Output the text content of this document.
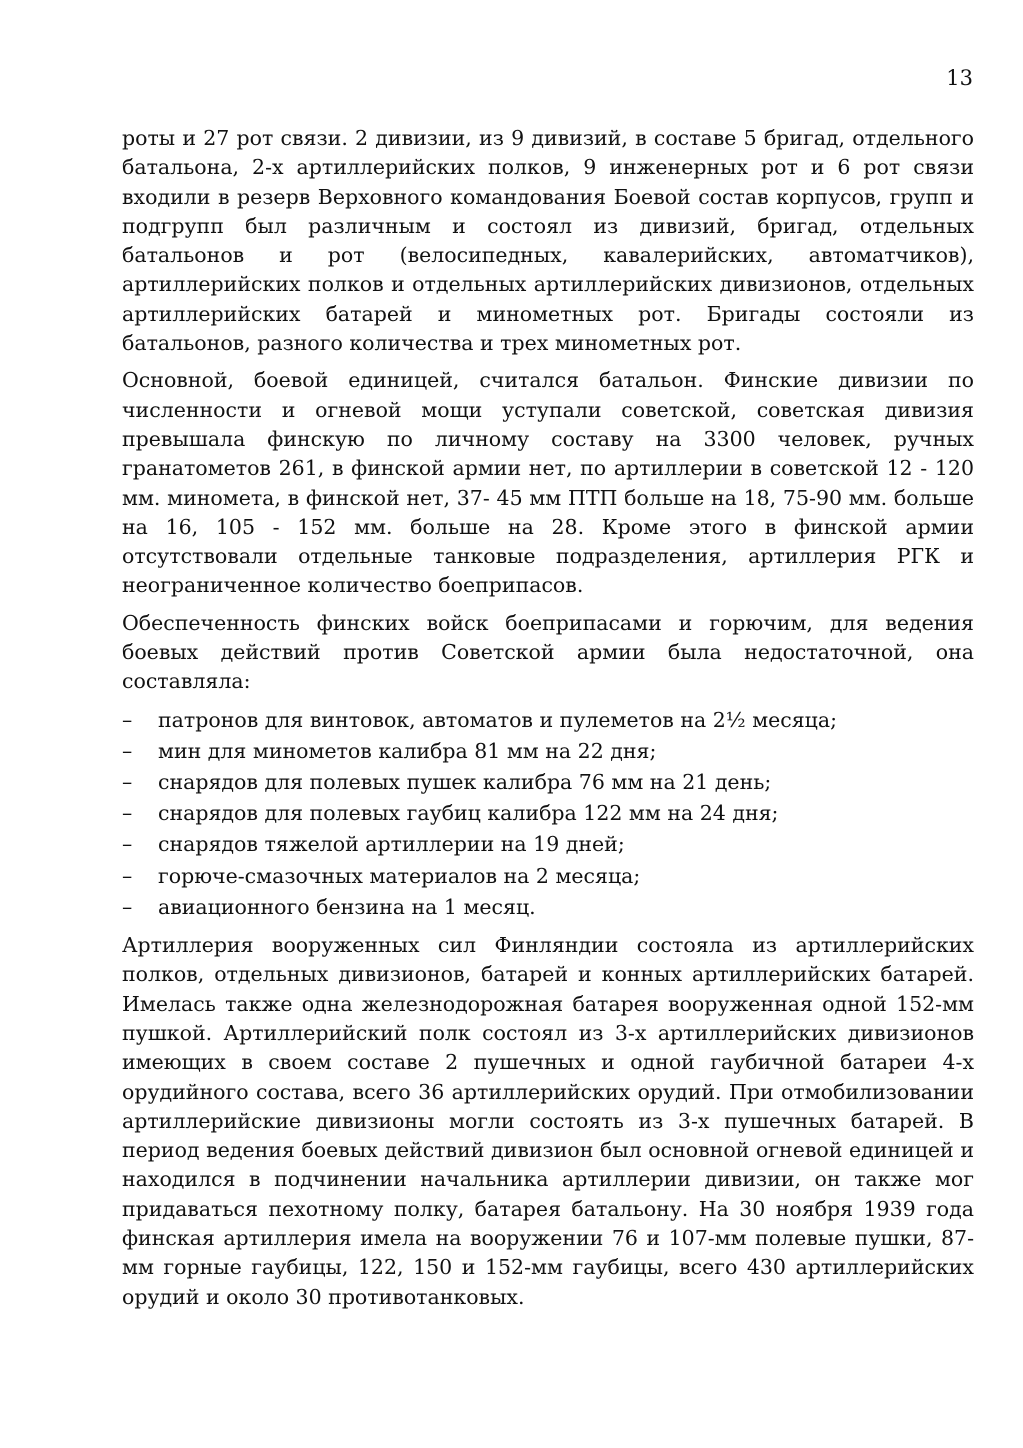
13

роты и 27 рот связи. 2 дивизии, из 9 дивизий, в составе 5 бригад, отдельного батальона, 2-х артиллерийских полков, 9 инженерных рот и 6 рот связи входили в резерв Верховного командования Боевой состав корпусов, групп и подгрупп был различным и состоял из дивизий, бригад, отдельных батальонов и рот (велосипедных, кавалерийских, автоматчиков), артиллерийских полков и отдельных артиллерийских дивизионов, отдельных артиллерийских батарей и минометных рот. Бригады состояли из батальонов, разного количества и трех минометных рот.

Основной, боевой единицей, считался батальон. Финские дивизии по численности и огневой мощи уступали советской, советская дивизия превышала финскую по личному составу на 3300 человек, ручных гранатометов 261, в финской армии нет, по артиллерии в советской 12 - 120 мм. миномета, в финской нет, 37- 45 мм ПТП больше на 18, 75-90 мм. больше на 16, 105 - 152 мм. больше на 28. Кроме этого в финской армии отсутствовали отдельные танковые подразделения, артиллерия РГК и неограниченное количество боеприпасов.

Обеспеченность финских войск боеприпасами и горючим, для ведения боевых действий против Советской армии была недостаточной, она составляла:

– патронов для винтовок, автоматов и пулеметов на 2½ месяца;
– мин для минометов калибра 81 мм на 22 дня;
– снарядов для полевых пушек калибра 76 мм на 21 день;
– снарядов для полевых гаубиц калибра 122 мм на 24 дня;
– снарядов тяжелой артиллерии на 19 дней;
– горюче-смазочных материалов на 2 месяца;
– авиационного бензина на 1 месяц.

Артиллерия вооруженных сил Финляндии состояла из артиллерийских полков, отдельных дивизионов, батарей и конных артиллерийских батарей. Имелась также одна железнодорожная батарея вооруженная одной 152-мм пушкой. Артиллерийский полк состоял из 3-х артиллерийских дивизионов имеющих в своем составе 2 пушечных и одной гаубичной батареи 4-х орудийного состава, всего 36 артиллерийских орудий. При отмобилизовании артиллерийские дивизионы могли состоять из 3-х пушечных батарей. В период ведения боевых действий дивизион был основной огневой единицей и находился в подчинении начальника артиллерии дивизии, он также мог придаваться пехотному полку, батарея батальону. На 30 ноября 1939 года финская артиллерия имела на вооружении 76 и 107-мм полевые пушки, 87-мм горные гаубицы, 122, 150 и 152-мм гаубицы, всего 430 артиллерийских орудий и около 30 противотанковых.
